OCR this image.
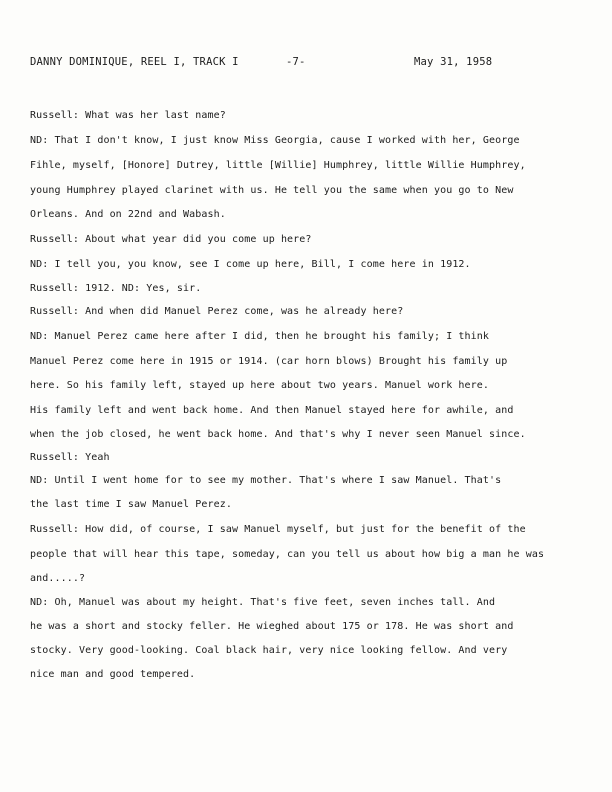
DANNY DOMINIQUE, REEL I, TRACK I	-7-	May 31, 1958
Russell: What was her last name?
ND: That I don't know, I just know Miss Georgia, cause I worked with her, George
Fihle, myself, [Honore] Dutrey, little [Willie] Humphrey, little Willie Humphrey,
young Humphrey played clarinet with us. He tell you the same when you go to New
Orleans. And on 22nd and Wabash.
Russell: About what year did you come up here?
ND: I tell you, you know, see I come up here, Bill, I come here in 1912.
Russell: 1912. ND: Yes, sir.
Russell: And when did Manuel Perez come, was he already here?
ND: Manuel Perez came here after I did, then he brought his family; I think
Manuel Perez come here in 1915 or 1914. (car horn blows) Brought his family up
here. So his family left, stayed up here about two years. Manuel work here.
His family left and went back home. And then Manuel stayed here for awhile, and
when the job closed, he went back home. And that's why I never seen Manuel since.
Russell: Yeah
ND: Until I went home for to see my mother. That's where I saw Manuel. That's
the last time I saw Manuel Perez.
Russell: How did, of course, I saw Manuel myself, but just for the benefit of the
people that will hear this tape, someday, can you tell us about how big a man he was
and.....?
ND: Oh, Manuel was about my height. That's five feet, seven inches tall. And
he was a short and stocky feller. He wieghed about 175 or 178. He was short and
stocky. Very good-looking. Coal black hair, very nice looking fellow. And very
nice man and good tempered.
